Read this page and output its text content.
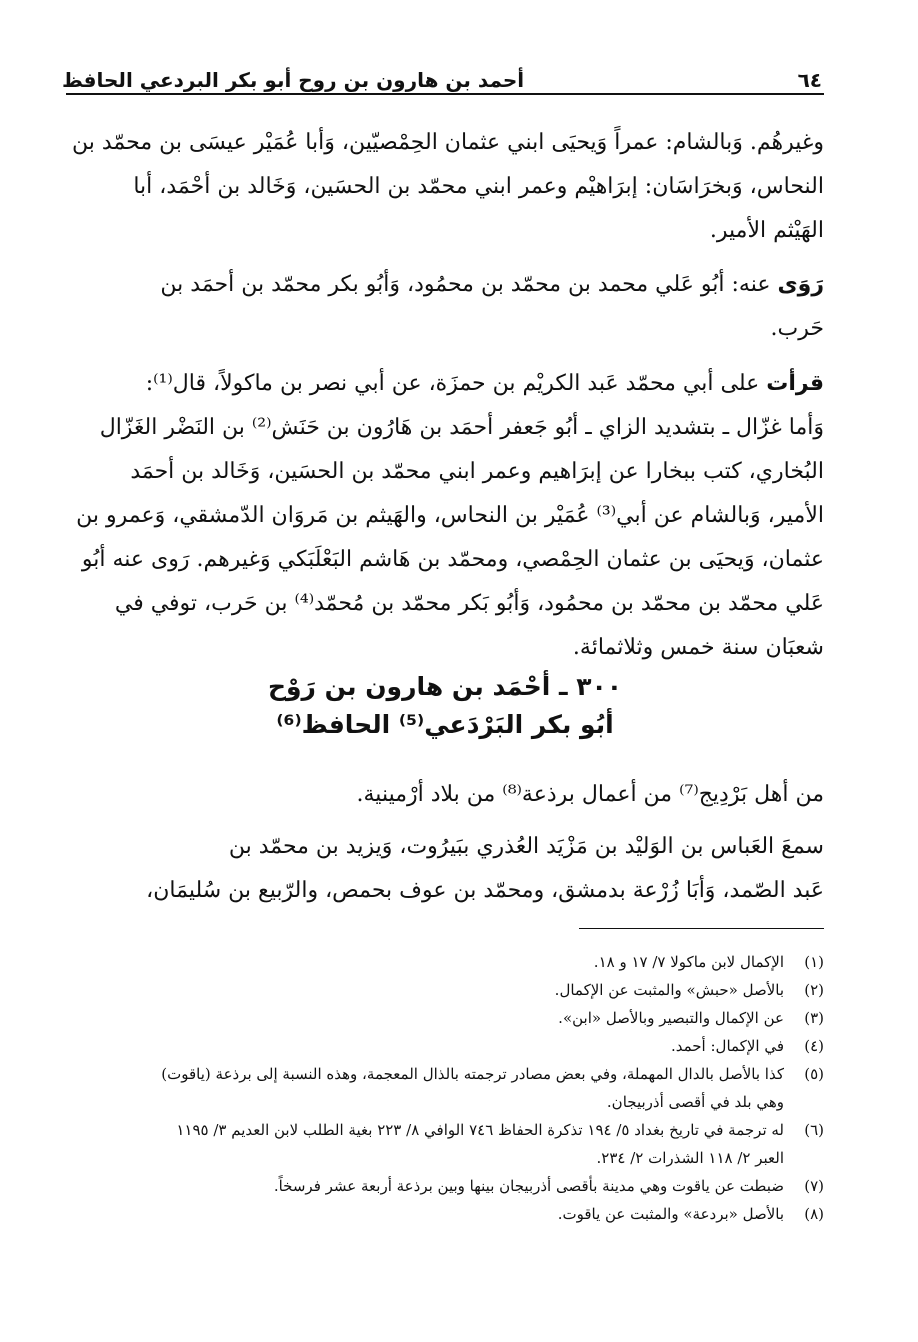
٦٤
أحمد بن هارون بن روح أبو بكر البردعي الحافظ
وغيرهُم. وَبالشام: عمراً وَيحيَى ابني عثمان الحِمْصيّين، وَأبا عُمَيْر عيسَى بن محمّد بن
النحاس، وَبخرَاسَان: إبرَاهيْم وعمر ابني محمّد بن الحسَين، وَخَالد بن أحْمَد، أبا
الهَيْثم الأمير.
رَوَى عنه: أبُو عَلي محمد بن محمّد بن محمُود، وَأبُو بكر محمّد بن أحمَد بن
حَرب.
قرأت على أبي محمّد عَبد الكريْم بن حمزَة، عن أبي نصر بن ماكولاً، قال⁽¹⁾:
وَأما غزّال ـ بتشديد الزاي ـ أبُو جَعفر أحمَد بن هَارُون بن حَنَش⁽²⁾ بن النَضْر الغَزّال
البُخاري، كتب ببخارا عن إبرَاهيم وعمر ابني محمّد بن الحسَين، وَخَالد بن أحمَد
الأمير، وَبالشام عن أبي⁽³⁾ عُمَيْر بن النحاس، والهَيثم بن مَروَان الدّمشقي، وَعمرو بن
عثمان، وَيحيَى بن عثمان الحِمْصي، ومحمّد بن هَاشم البَعْلَبَكي وَغيرهم. رَوى عنه أبُو
عَلي محمّد بن محمّد بن محمُود، وَأبُو بَكر محمّد بن مُحمّد⁽⁴⁾ بن حَرب، توفي في
شعبَان سنة خمس وثلاثمائة.
٣٠٠ ـ أحْمَد بن هارون بن رَوْح
أبُو بكر البَرْدَعي⁽⁵⁾ الحافظ⁽⁶⁾
من أهل بَرْدِيج⁽⁷⁾ من أعمال برذعة⁽⁸⁾ من بلاد أرْمينية.
سمعَ العَباس بن الوَليْد بن مَزْيَد العُذري ببَيرُوت، وَيزيد بن محمّد بن
عَبد الصّمد، وَأبَا زُرْعة بدمشق، ومحمّد بن عوف بحمص، والرّبيع بن سُليمَان،
(١)
الإكمال لابن ماكولا ٧/ ١٧ و ١٨.
(٢)
بالأصل «حبش» والمثبت عن الإكمال.
(٣)
عن الإكمال والتبصير وبالأصل «ابن».
(٤)
في الإكمال: أحمد.
(٥)
كذا بالأصل بالدال المهملة، وفي بعض مصادر ترجمته بالذال المعجمة، وهذه النسبة إلى برذعة (ياقوت)
وهي بلد في أقصى أذربيجان.
(٦)
له ترجمة في تاريخ بغداد ٥/ ١٩٤ تذكرة الحفاظ ٧٤٦ الوافي ٨/ ٢٢٣ بغية الطلب لابن العديم ٣/ ١١٩٥
العبر ٢/ ١١٨ الشذرات ٢/ ٢٣٤.
(٧)
ضبطت عن ياقوت وهي مدينة بأقصى أذربيجان بينها وبين برذعة أربعة عشر فرسخاً.
(٨)
بالأصل «بردعة» والمثبت عن ياقوت.
